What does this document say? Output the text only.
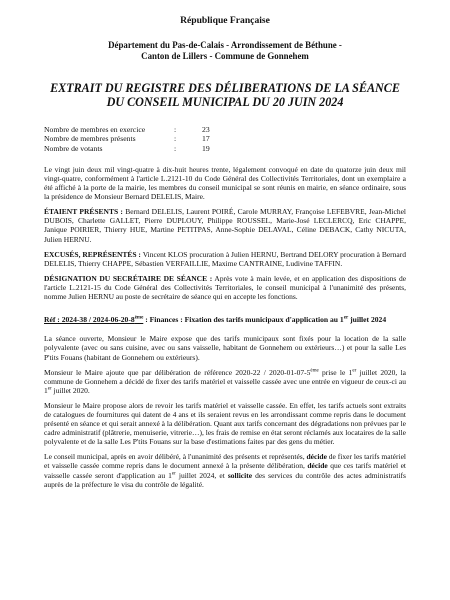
République Française
Département du Pas-de-Calais - Arrondissement de Béthune -
Canton de Lillers - Commune de Gonnehem
EXTRAIT DU REGISTRE DES DÉLIBERATIONS DE LA SÉANCE
DU CONSEIL MUNICIPAL DU 20 JUIN 2024
Nombre de membres en exercice	:	23
Nombre de membres présents	:	17
Nombre de votants	:	19

Le vingt juin deux mil vingt-quatre à dix-huit heures trente, légalement convoqué en date du quatorze juin deux mil vingt-quatre, conformément à l'article L.2121-10 du Code Général des Collectivités Territoriales, dont un exemplaire a été affiché à la porte de la mairie, les membres du conseil municipal se sont réunis en mairie, en séance ordinaire, sous la présidence de Monsieur Bernard DELELIS, Maire.

ÉTAIENT PRÉSENTS : Bernard DELELIS, Laurent POIRÉ, Carole MURRAY, Françoise LEFEBVRE, Jean-Michel DUBOIS, Charlette GALLET, Pierre DUPLOUY, Philippe ROUSSEL, Marie-José LECLERCQ, Eric CHAPPE, Janique POIRIER, Thierry HUE, Martine PETITPAS, Anne-Sophie DELAVAL, Céline DEBACK, Cathy NICUTA, Julien HERNU.

EXCUSÉS, REPRÉSENTÉS : Vincent KLOS procuration à Julien HERNU, Bertrand DELORY procuration à Bernard DELELIS, Thierry CHAPPE, Sébastien VERFAILLIE, Maxime CANTRAINE, Ludivine TAFFIN.

DÉSIGNATION DU SECRÉTAIRE DE SÉANCE : Après vote à main levée, et en application des dispositions de l'article L.2121-15 du Code Général des Collectivités Territoriales, le conseil municipal à l'unanimité des présents, nomme Julien HERNU au poste de secrétaire de séance qui en accepte les fonctions.

Réf : 2024-38 / 2024-06-20-8ème : Finances : Fixation des tarifs municipaux d'application au 1er juillet 2024

La séance ouverte, Monsieur le Maire expose que des tarifs municipaux sont fixés pour la location de la salle polyvalente (avec ou sans cuisine, avec ou sans vaisselle, habitant de Gonnehem ou extérieurs…) et pour la salle Les P'tits Fouans (habitant de Gonnehem ou extérieurs).

Monsieur le Maire ajoute que par délibération de référence 2020-22 / 2020-01-07-5ème prise le 1er juillet 2020, la commune de Gonnehem a décidé de fixer des tarifs matériel et vaisselle cassée avec une entrée en vigueur de ceux-ci au 1er juillet 2020.

Monsieur le Maire propose alors de revoir les tarifs matériel et vaisselle cassée. En effet, les tarifs actuels sont extraits de catalogues de fournitures qui datent de 4 ans et ils seraient revus en les arrondissant comme repris dans le document présenté en séance et qui serait annexé à la délibération. Quant aux tarifs concernant des dégradations non prévues par le cadre administratif (plâtrerie, menuiserie, vitrerie…), les frais de remise en état seront réclamés aux locataires de la salle polyvalente et de la salle Les P'tits Fouans sur la base d'estimations faites par des gens du métier.

Le conseil municipal, après en avoir délibéré, à l'unanimité des présents et représentés, décide de fixer les tarifs matériel et vaisselle cassée comme repris dans le document annexé à la présente délibération, décide que ces tarifs matériel et vaisselle cassée seront d'application au 1er juillet 2024, et sollicite des services du contrôle des actes administratifs auprès de la préfecture le visa du contrôle de légalité.
